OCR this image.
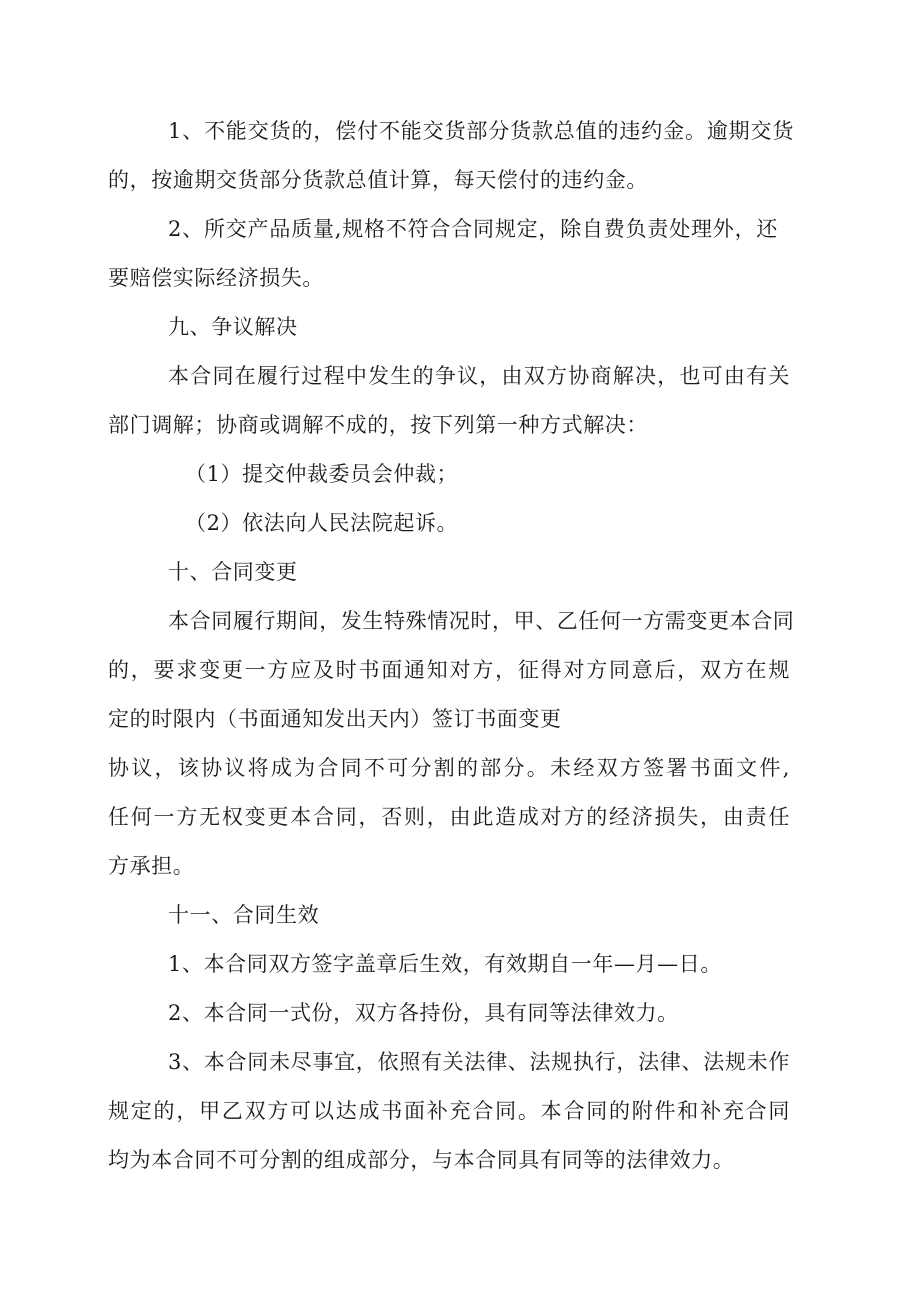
1、不能交货的，偿付不能交货部分货款总值的违约金。逾期交货

的，按逾期交货部分货款总值计算，每天偿付的违约金。

2、所交产品质量,规格不符合合同规定，除自费负责处理外，还

要赔偿实际经济损失。

九、争议解决

本合同在履行过程中发生的争议，由双方协商解决，也可由有关

部门调解；协商或调解不成的，按下列第一种方式解决：

（1）提交仲裁委员会仲裁；

（2）依法向人民法院起诉。

十、合同变更

本合同履行期间，发生特殊情况时，甲、乙任何一方需变更本合同

的，要求变更一方应及时书面通知对方，征得对方同意后，双方在规

定的时限内（书面通知发出天内）签订书面变更

协议，该协议将成为合同不可分割的部分。未经双方签署书面文件,

任何一方无权变更本合同，否则，由此造成对方的经济损失，由责任

方承担。

十一、合同生效

1、本合同双方签字盖章后生效，有效期自一年—月—日。

2、本合同一式份，双方各持份，具有同等法律效力。

3、本合同未尽事宜，依照有关法律、法规执行，法律、法规未作

规定的，甲乙双方可以达成书面补充合同。本合同的附件和补充合同

均为本合同不可分割的组成部分，与本合同具有同等的法律效力。
